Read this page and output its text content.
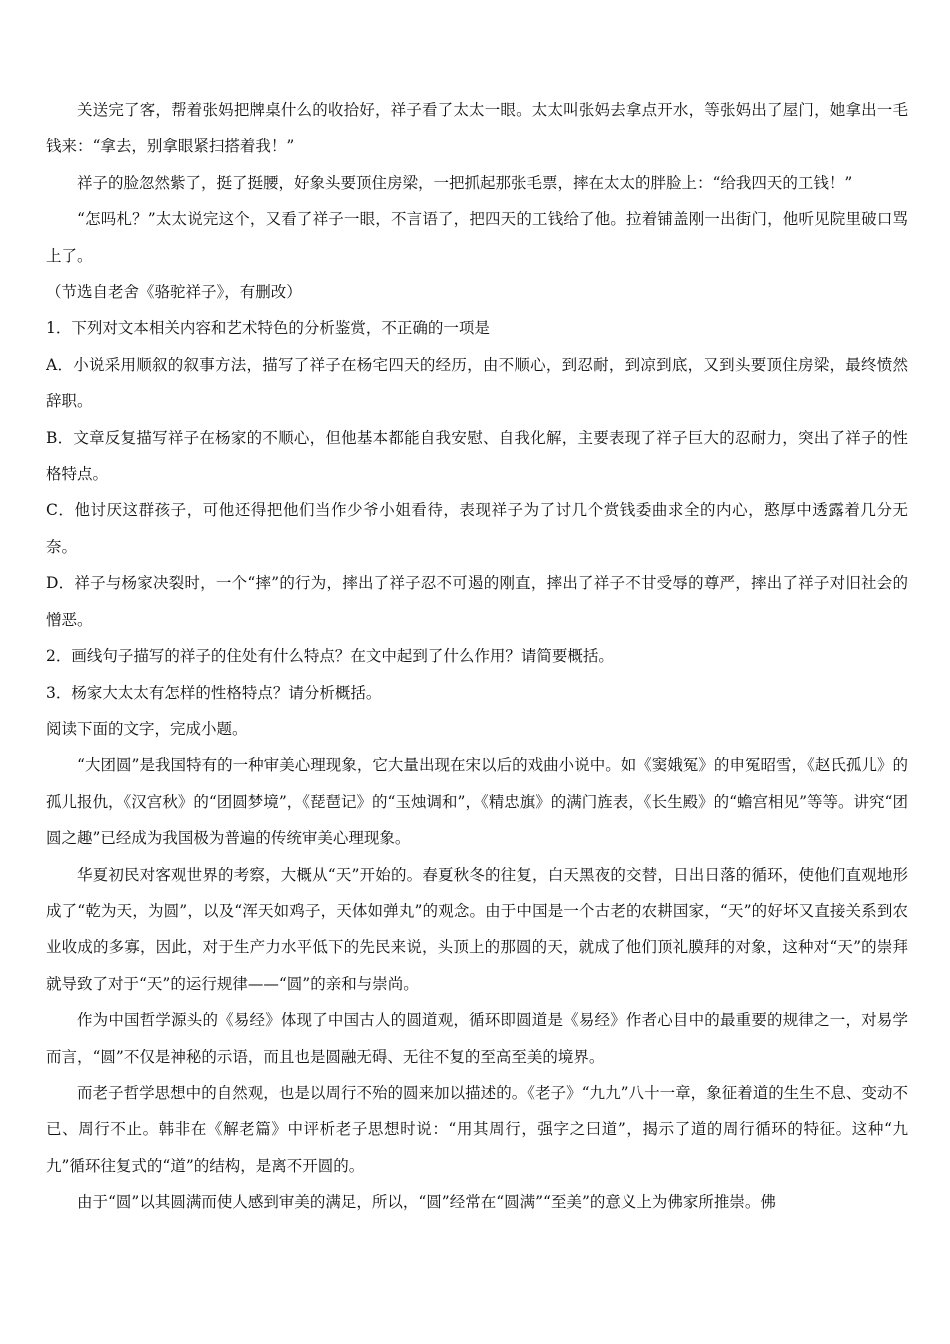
关送完了客，帮着张妈把牌桌什么的收拾好，祥子看了太太一眼。太太叫张妈去拿点开水，等张妈出了屋门，她拿出一毛钱来：“拿去，别拿眼紧扫搭着我！”

祥子的脸忽然紫了，挺了挺腰，好象头要顶住房梁，一把抓起那张毛票，摔在太太的胖脸上：“给我四天的工钱！”

“怎吗札？”太太说完这个，又看了祥子一眼，不言语了，把四天的工钱给了他。拉着铺盖刚一出街门，他听见院里破口骂上了。

（节选自老舍《骆驼祥子》，有删改）

1．下列对文本相关内容和艺术特色的分析鉴赏，不正确的一项是

A．小说采用顺叙的叙事方法，描写了祥子在杨宅四天的经历，由不顺心，到忍耐，到凉到底，又到头要顶住房梁，最终愤然辞职。

B．文章反复描写祥子在杨家的不顺心，但他基本都能自我安慰、自我化解，主要表现了祥子巨大的忍耐力，突出了祥子的性格特点。

C．他讨厌这群孩子，可他还得把他们当作少爷小姐看待，表现祥子为了讨几个赏钱委曲求全的内心，憨厚中透露着几分无奈。

D．祥子与杨家决裂时，一个“摔”的行为，摔出了祥子忍不可遏的刚直，摔出了祥子不甘受辱的尊严，摔出了祥子对旧社会的憎恶。

2．画线句子描写的祥子的住处有什么特点？在文中起到了什么作用？请简要概括。

3．杨家大太太有怎样的性格特点？请分析概括。

阅读下面的文字，完成小题。

“大团圆”是我国特有的一种审美心理现象，它大量出现在宋以后的戏曲小说中。如《窦娥冤》的申冤昭雪，《赵氏孤儿》的孤儿报仇，《汉宫秋》的“团圆梦境”，《琵琶记》的“玉烛调和”，《精忠旗》的满门旌表，《长生殿》的“蟾宫相见”等等。讲究“团圆之趣”已经成为我国极为普遍的传统审美心理现象。

华夏初民对客观世界的考察，大概从“天”开始的。春夏秋冬的往复，白天黑夜的交替，日出日落的循环，使他们直观地形成了“乾为天，为圆”，以及“浑天如鸡子，天体如弹丸”的观念。由于中国是一个古老的农耕国家，“天”的好坏又直接关系到农业收成的多寡，因此，对于生产力水平低下的先民来说，头顶上的那圆的天，就成了他们顶礼膜拜的对象，这种对“天”的崇拜就导致了对于“天”的运行规律——“圆”的亲和与崇尚。

作为中国哲学源头的《易经》体现了中国古人的圆道观，循环即圆道是《易经》作者心目中的最重要的规律之一，对易学而言，“圆”不仅是神秘的示语，而且也是圆融无碍、无往不复的至高至美的境界。

而老子哲学思想中的自然观，也是以周行不殆的圆来加以描述的。《老子》“九九”八十一章，象征着道的生生不息、变动不已、周行不止。韩非在《解老篇》中评析老子思想时说：“用其周行，强字之曰道”，揭示了道的周行循环的特征。这种“九九”循环往复式的“道”的结构，是离不开圆的。

由于“圆”以其圆满而使人感到审美的满足，所以，“圆”经常在“圆满”“至美”的意义上为佛家所推崇。佛
